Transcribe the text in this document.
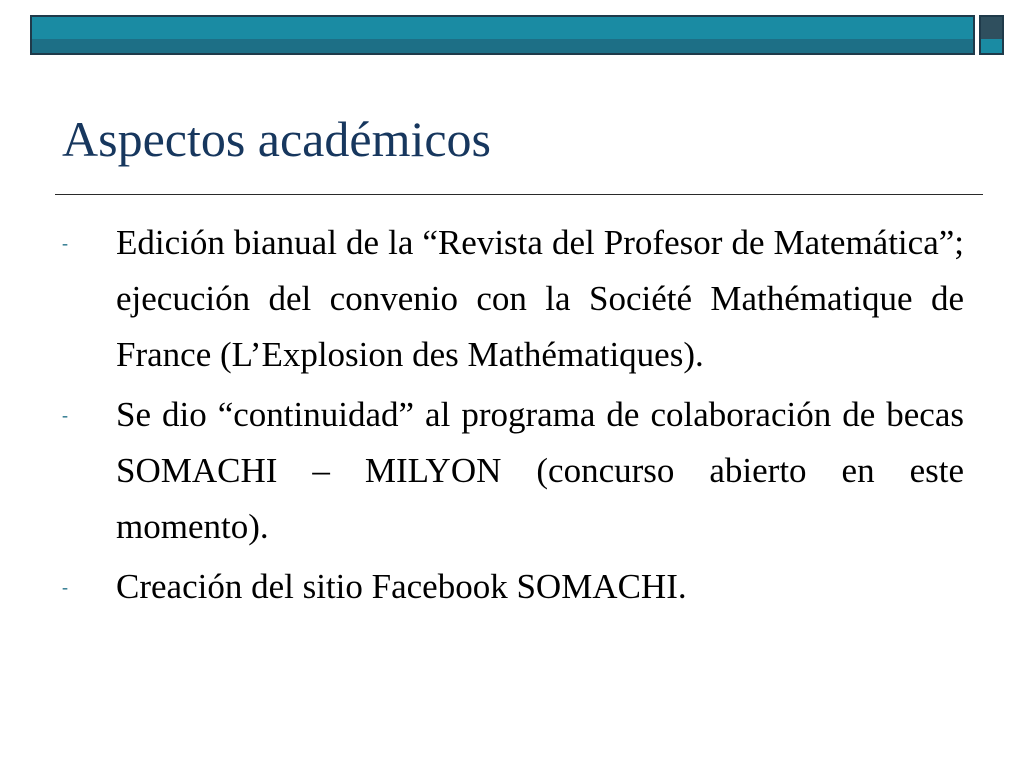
Aspectos académicos
- Edición bianual de la “Revista del Profesor de Matemática”; ejecución del convenio con la Société Mathématique de France (L’Explosion des Mathématiques).
- Se dio “continuidad” al programa de colaboración de becas SOMACHI – MILYON (concurso abierto en este momento).
- Creación del sitio Facebook SOMACHI.
